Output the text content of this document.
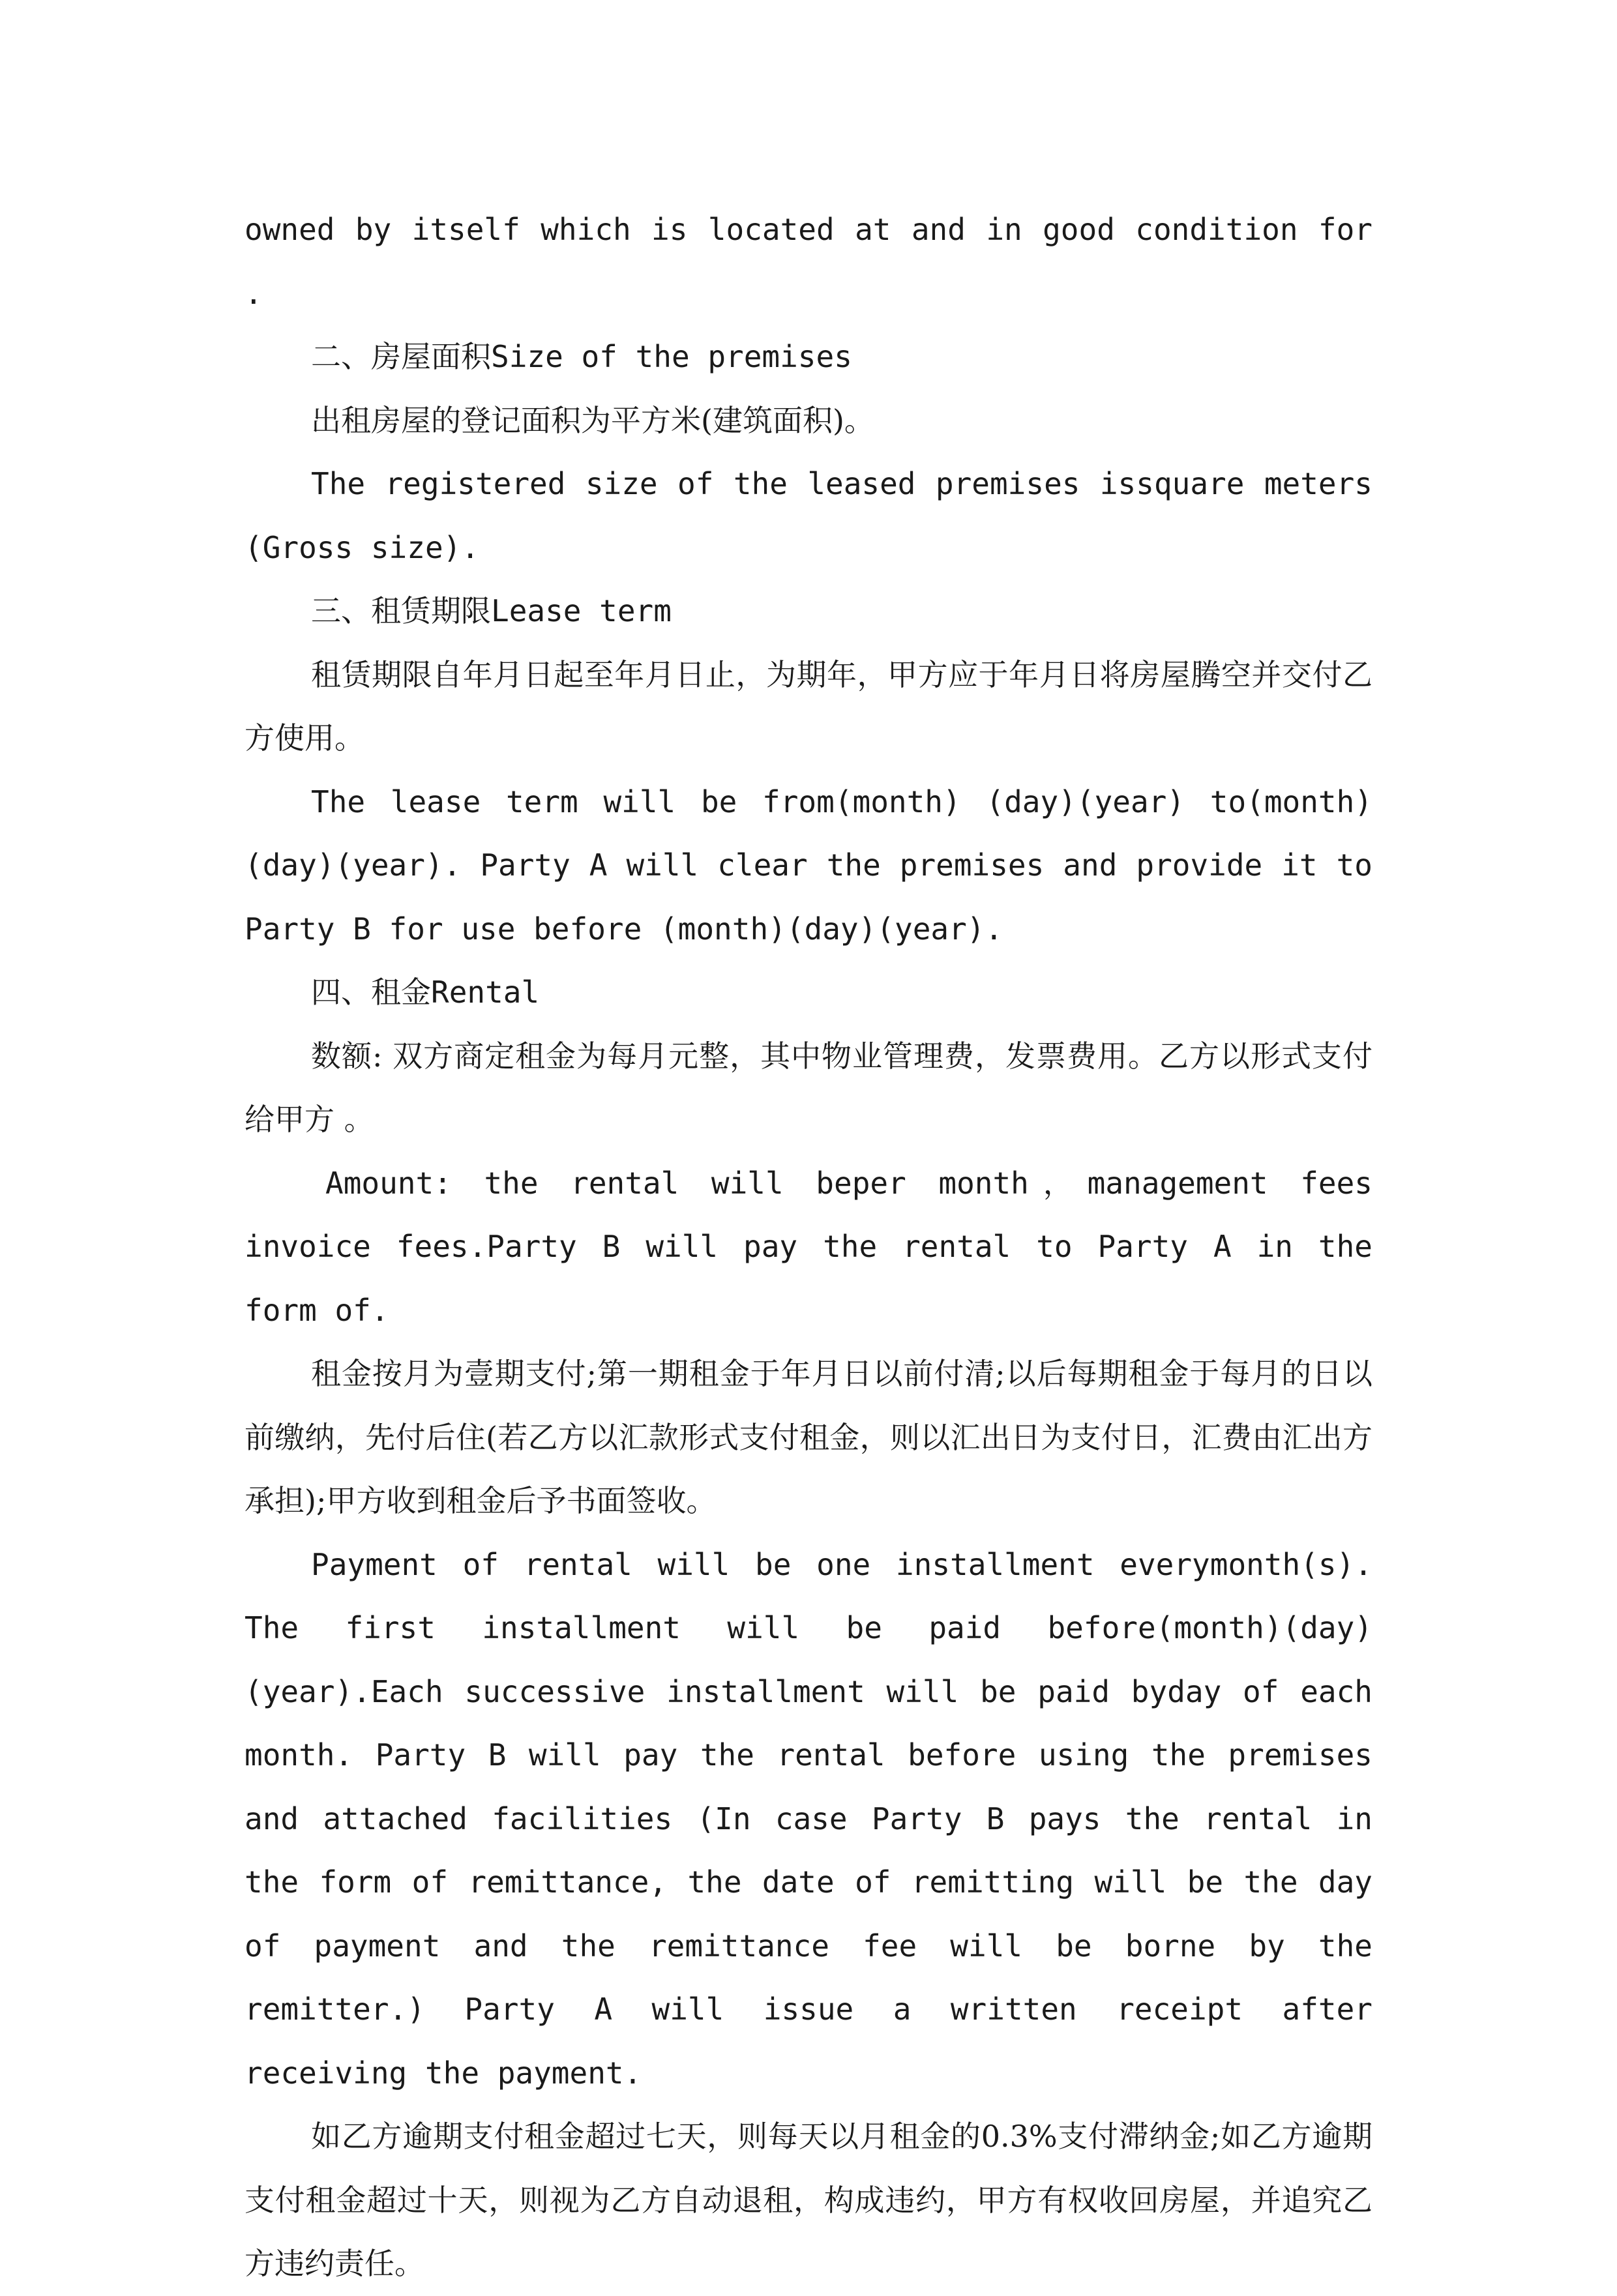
owned by itself which is located at and in good condition for .

二、房屋面积Size of the premises

出租房屋的登记面积为平方米(建筑面积)。

The registered size of the leased premises issquare meters (Gross size).

三、租赁期限Lease term

租赁期限自年月日起至年月日止，为期年，甲方应于年月日将房屋腾空并交付乙方使用。

The lease term will be from(month) (day)(year) to(month)(day)(year). Party A will clear the premises and provide it to Party B for use before (month)(day)(year).

四、租金Rental

数额: 双方商定租金为每月元整，其中物业管理费，发票费用。乙方以形式支付给甲方 。

Amount: the rental will beper month，management fees invoice fees.Party B will pay the rental to Party A in the form of.

租金按月为壹期支付;第一期租金于年月日以前付清;以后每期租金于每月的日以前缴纳，先付后住(若乙方以汇款形式支付租金，则以汇出日为支付日，汇费由汇出方承担);甲方收到租金后予书面签收。

Payment of rental will be one installment everymonth(s). The first installment will be paid before(month)(day)(year).Each successive installment will be paid byday of each month. Party B will pay the rental before using the premises and attached facilities (In case Party B pays the rental in the form of remittance, the date of remitting will be the day of payment and the remittance fee will be borne by the remitter.) Party A will issue a written receipt after receiving the payment.

如乙方逾期支付租金超过七天，则每天以月租金的0.3%支付滞纳金;如乙方逾期支付租金超过十天，则视为乙方自动退租，构成违约，甲方有权收回房屋，并追究乙方违约责任。
